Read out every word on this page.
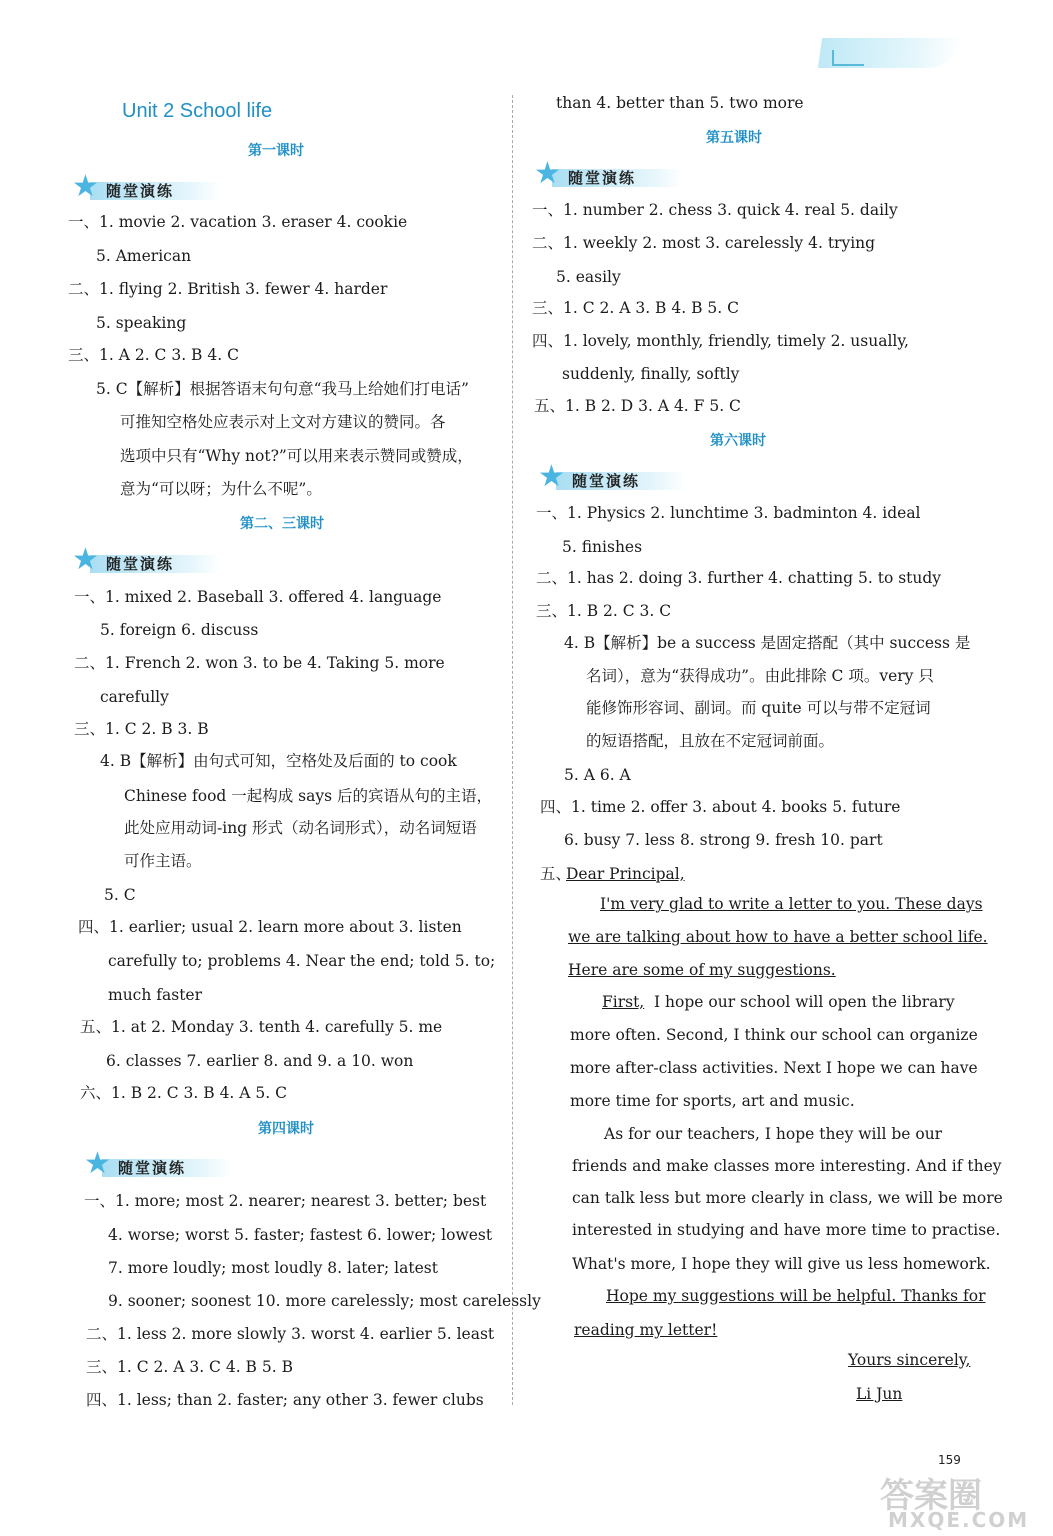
Unit 2 School life
第一课时
★ 随堂演练
一、1. movie 2. vacation 3. eraser 4. cookie
5. American
二、1. flying 2. British 3. fewer 4. harder
5. speaking
三、1. A 2. C 3. B 4. C
5. C【解析】根据答语末句句意“我马上给她们打电话”
可推知空格处应表示对上文对方建议的赞同。各
选项中只有“Why not?”可以用来表示赞同或赞成，
意为“可以呀；为什么不呢”。
第二、三课时
★ 随堂演练
一、1. mixed 2. Baseball 3. offered 4. language
5. foreign 6. discuss
二、1. French 2. won 3. to be 4. Taking 5. more
carefully
三、1. C 2. B 3. B
4. B【解析】由句式可知，空格处及后面的 to cook
Chinese food 一起构成 says 后的宾语从句的主语，
此处应用动词-ing 形式（动名词形式），动名词短语
可作主语。
5. C
四、1. earlier; usual 2. learn more about 3. listen
carefully to; problems 4. Near the end; told 5. to;
much faster
五、1. at 2. Monday 3. tenth 4. carefully 5. me
6. classes 7. earlier 8. and 9. a 10. won
六、1. B 2. C 3. B 4. A 5. C
第四课时
★ 随堂演练
一、1. more; most 2. nearer; nearest 3. better; best
4. worse; worst 5. faster; fastest 6. lower; lowest
7. more loudly; most loudly 8. later; latest
9. sooner; soonest 10. more carelessly; most carelessly
二、1. less 2. more slowly 3. worst 4. earlier 5. least
三、1. C 2. A 3. C 4. B 5. B
四、1. less; than 2. faster; any other 3. fewer clubs
than 4. better than 5. two more
第五课时
★ 随堂演练
一、1. number 2. chess 3. quick 4. real 5. daily
二、1. weekly 2. most 3. carelessly 4. trying
5. easily
三、1. C 2. A 3. B 4. B 5. C
四、1. lovely, monthly, friendly, timely 2. usually,
suddenly, finally, softly
五、1. B 2. D 3. A 4. F 5. C
第六课时
★ 随堂演练
一、1. Physics 2. lunchtime 3. badminton 4. ideal
5. finishes
二、1. has 2. doing 3. further 4. chatting 5. to study
三、1. B 2. C 3. C
4. B【解析】be a success 是固定搭配（其中 success 是
名词），意为“获得成功”。由此排除 C 项。very 只
能修饰形容词、副词。而 quite 可以与带不定冠词
的短语搭配，且放在不定冠词前面。
5. A 6. A
四、1. time 2. offer 3. about 4. books 5. future
6. busy 7. less 8. strong 9. fresh 10. part
五、
Dear Principal,
I'm very glad to write a letter to you. These days
we are talking about how to have a better school life.
Here are some of my suggestions.
First, I hope our school will open the library
more often. Second, I think our school can organize
more after-class activities. Next I hope we can have
more time for sports, art and music.
As for our teachers, I hope they will be our
friends and make classes more interesting. And if they
can talk less but more clearly in class, we will be more
interested in studying and have more time to practise.
What's more, I hope they will give us less homework.
Hope my suggestions will be helpful. Thanks for
reading my letter!
Yours sincerely,
Li Jun
159
答案圈
MXQE.COM
